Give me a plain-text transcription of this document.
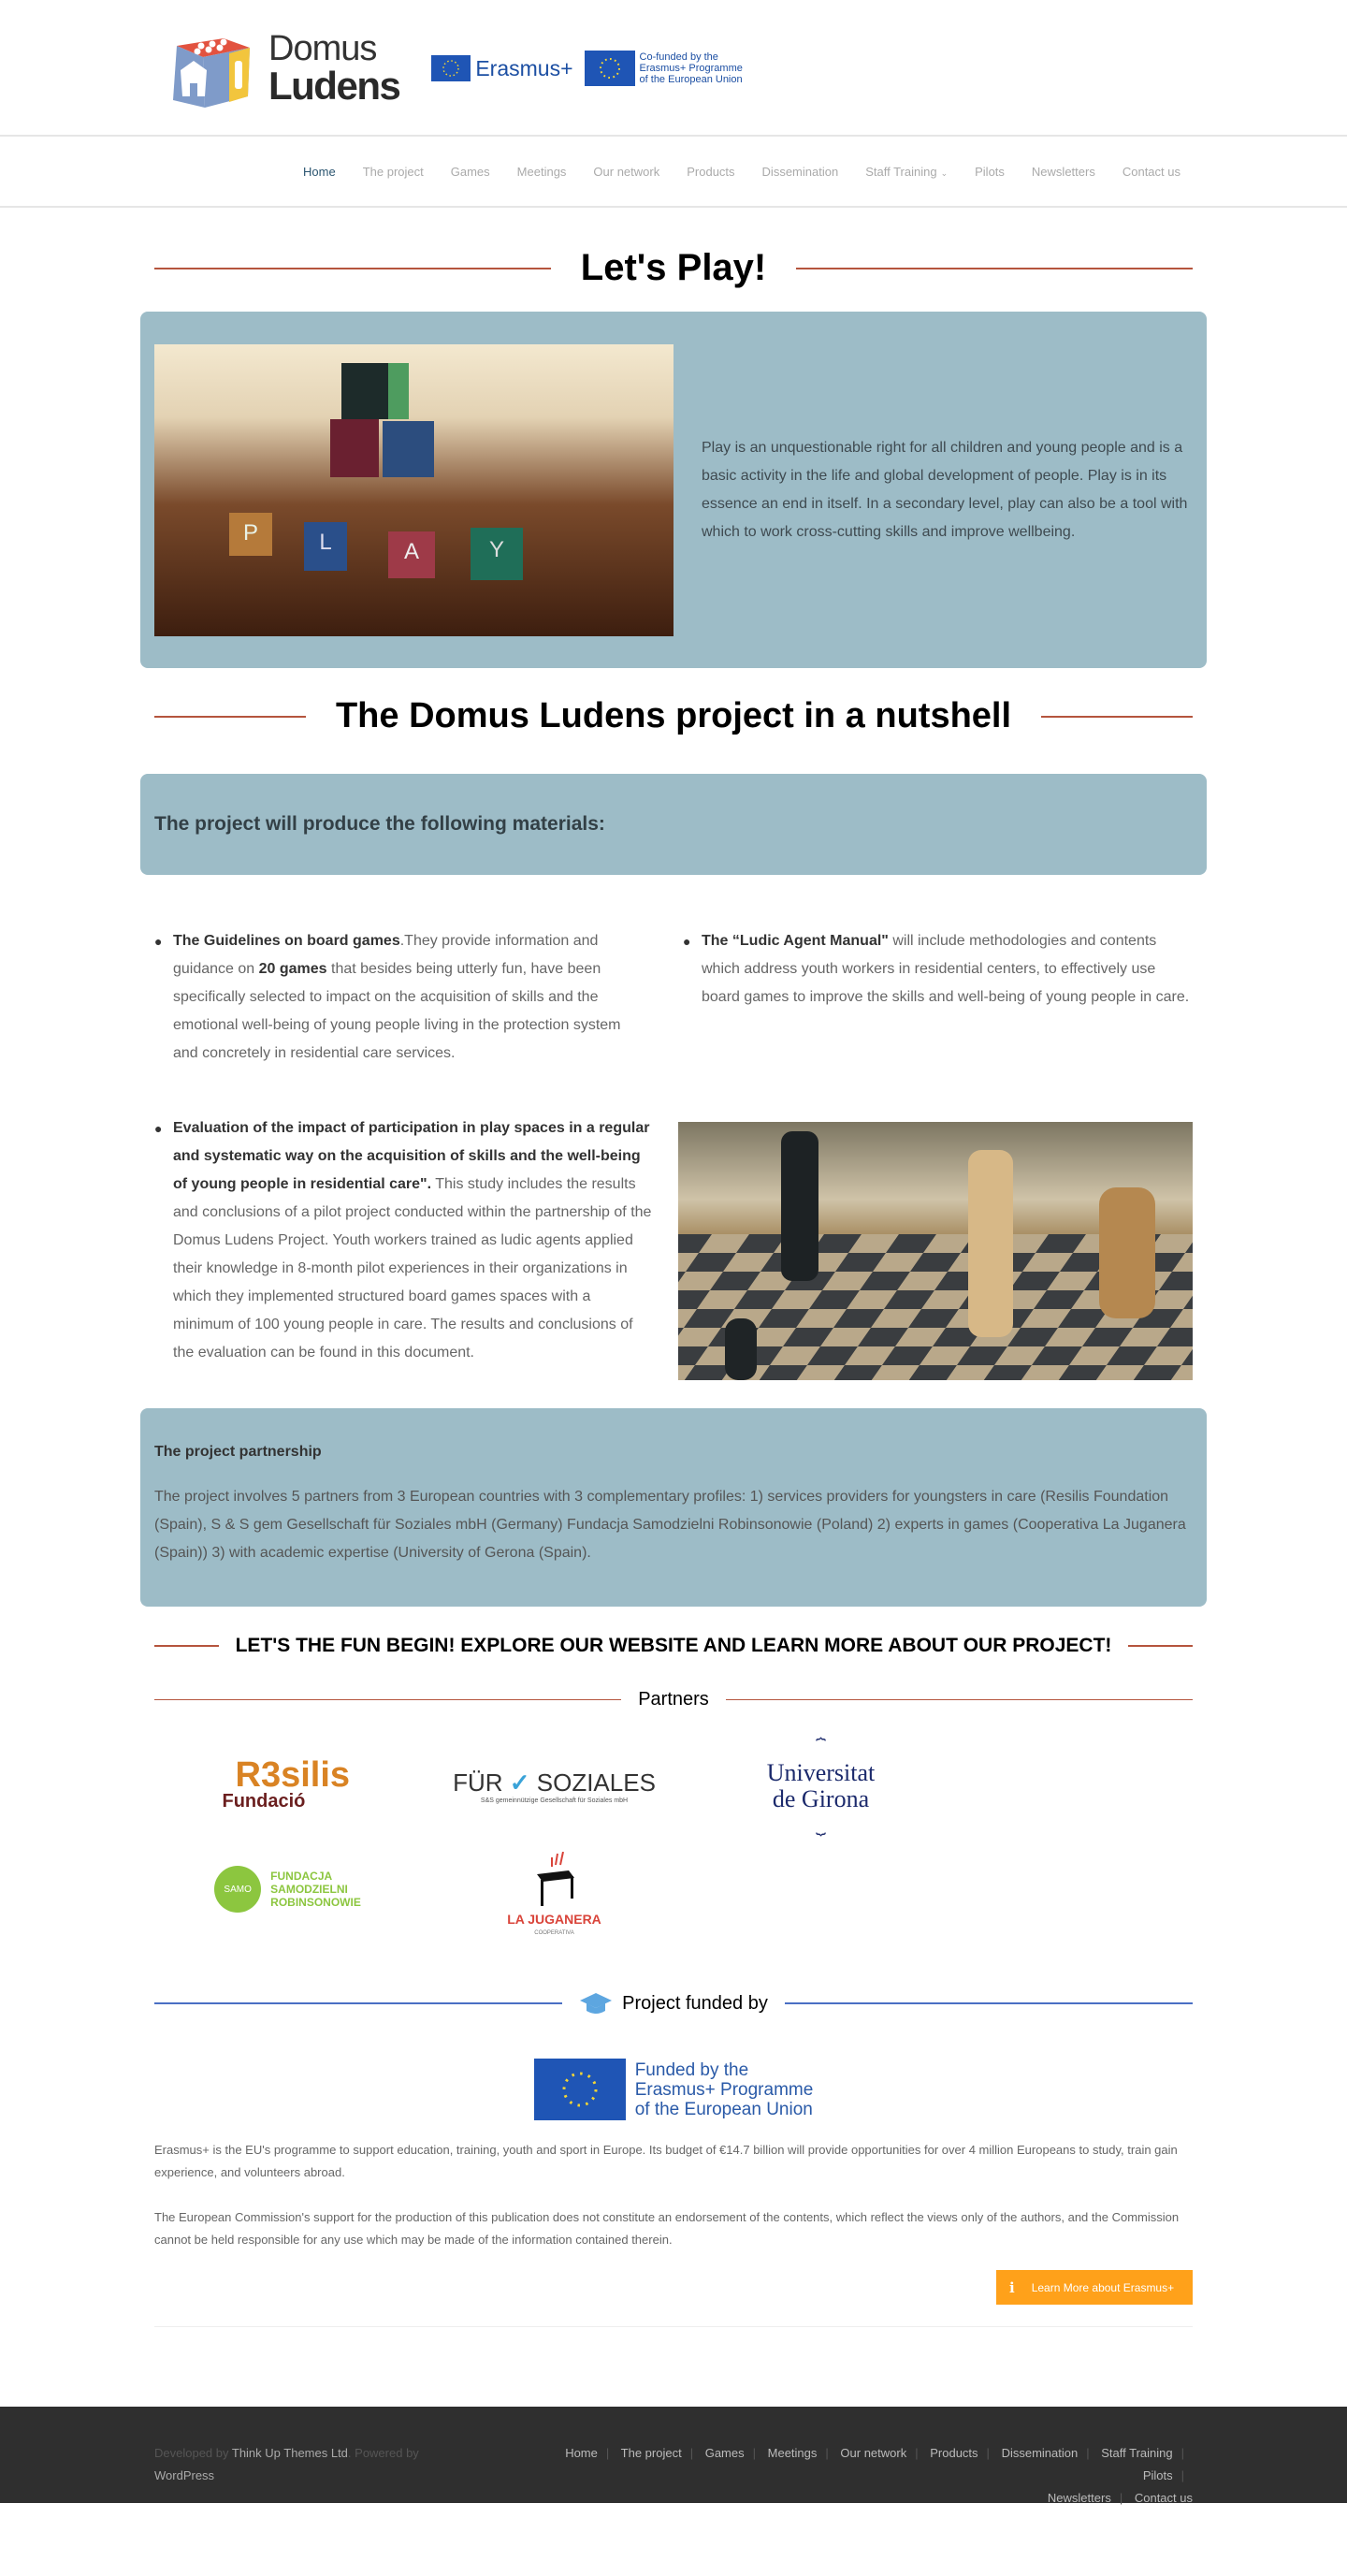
Domus
Ludens	Erasmus+	Co-funded by the
Erasmus+ Programme
of the European Union
Home The project Games Meetings Our network Products Dissemination Staff Training ⌄ Pilots Newsletters Contact us
Let's Play!
P	L	A	Y

Play is an unquestionable right for all children and young people and is a basic activity in the life and global development of people. Play is in its essence an end in itself. In a secondary level, play can also be a tool with which to work cross-cutting skills and improve wellbeing.

The Domus Ludens project in a nutshell
The project will produce the following materials:
● The Guidelines on board games.They provide information and guidance on 20 games that besides being utterly fun, have been specifically selected to impact on the acquisition of skills and the emotional well-being of young people living in the protection system and concretely in residential care services.

● The “Ludic Agent Manual" will include methodologies and contents which address youth workers in residential centers, to effectively use board games to improve the skills and well-being of young people in care.

● Evaluation of the impact of participation in play spaces in a regular and systematic way on the acquisition of skills and the well-being of young people in residential care". This study includes the results and conclusions of a pilot project conducted within the partnership of the Domus Ludens Project. Youth workers trained as ludic agents applied their knowledge in 8-month pilot experiences in their organizations in which they implemented structured board games spaces with a minimum of 100 young people in care. The results and conclusions of the evaluation can be found in this document.

The project partnership

The project involves 5 partners from 3 European countries with 3 complementary profiles: 1) services providers for youngsters in care (Resilis Foundation (Spain), S & S gem Gesellschaft für Soziales mbH (Germany) Fundacja Samodzielni Robinsonowie (Poland) 2) experts in games (Cooperativa La Juganera (Spain)) 3) with academic expertise (University of Gerona (Spain).

LET'S THE FUN BEGIN! EXPLORE OUR WEBSITE AND LEARN MORE ABOUT OUR PROJECT!
Partners
R3silis
Fundació
FÜR ✓ SOZIALES
S&S gemeinnützige Gesellschaft für Soziales mbH
⏞
Universitat
de Girona
⏟
SAMO
FUNDACJA
SAMODZIELNI
ROBINSONOWIE
LA JUGANERA
COOPERATIVA
Project funded by
Funded by the
Erasmus+ Programme
of the European Union

Erasmus+ is the EU's programme to support education, training, youth and sport in Europe. Its budget of €14.7 billion will provide opportunities for over 4 million Europeans to study, train gain experience, and volunteers abroad.

The European Commission's support for the production of this publication does not constitute an endorsement of the contents, which reflect the views only of the authors, and the Commission cannot be held responsible for any use which may be made of the information contained therein.

i Learn More about Erasmus+
Developed by Think Up Themes Ltd. Powered by WordPress
Home | The project | Games | Meetings | Our network | Products | Dissemination | Staff Training | Pilots |
Newsletters | Contact us
